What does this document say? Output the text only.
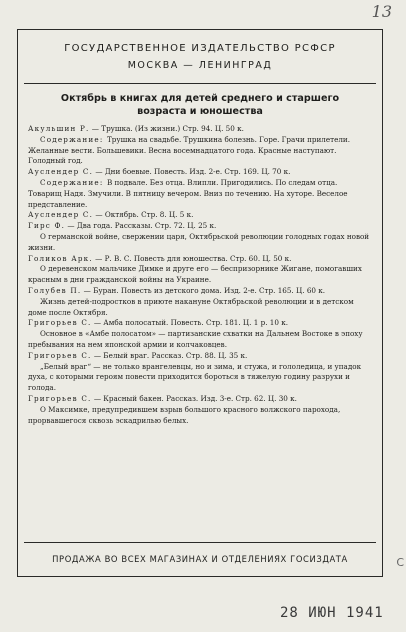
13
ГОСУДАРСТВЕННОЕ ИЗДАТЕЛЬСТВО РСФСР
МОСКВА — ЛЕНИНГРАД
Октябрь в книгах для детей среднего и старшего
возраста и юношества

Акульшин Р. — Трушка. (Из жизни.) Стр. 94. Ц. 50 к.

Содержание: Трушка на свадьбе. Трушкина болезнь. Горе. Грачи прилетели. Желанные вести. Большевики. Весна восемнадцатого года. Красные наступают. Голодный год.

Ауслендер С. — Дни боевые. Повесть. Изд. 2-е. Стр. 169. Ц. 70 к.

Содержание: В подвале. Без отца. Влипли. Пригодились. По следам отца. Товарищ Надя. Змучили. В пятницу вечером. Вниз по течению. На хуторе. Веселое представление.

Ауслендер С. — Октябрь. Стр. 8. Ц. 5 к.

Гирс Ф. — Два года. Рассказы. Стр. 72. Ц. 25 к.

О германской войне, свержении царя, Октябрьской революции голодных годах новой жизни.

Голиков Арк. — Р. В. С. Повесть для юношества. Стр. 60. Ц. 50 к.

О деревенском мальчике Димке и друге его — беспризорнике Жигане, помогавших красным в дни гражданской войны на Украине.

Голубев П. — Буран. Повесть из детского дома. Изд. 2-е. Стр. 165. Ц. 60 к.

Жизнь детей-подростков в приюте накануне Октябрьской революции и в детском доме после Октября.

Григорьев С. — Амба полосатый. Повесть. Стр. 181. Ц. 1 р. 10 к.

Основное в «Амбе полосатом» — партизанские схватки на Дальнем Востоке в эпоху пребывания на нем японской армии и колчаковцев.

Григорьев С. — Белый враг. Рассказ. Стр. 88. Ц. 35 к.

„Белый враг“ — не только врангелевцы, но и зима, и стужа, и гололедица, и упадок духа, с которыми героям повести приходится бороться в тяжелую годину разрухи и голода.

Григорьев С. — Красный бакен. Рассказ. Изд. 3-е. Стр. 62. Ц. 30 к.

О Максимке, предупредившем взрыв большого красного волжского парохода, прорвавшегося сквозь эскадрилью белых.

ПРОДАЖА ВО ВСЕХ МАГАЗИНАХ И ОТДЕЛЕНИЯХ ГОСИЗДАТА	С
28 ИЮН 1941
